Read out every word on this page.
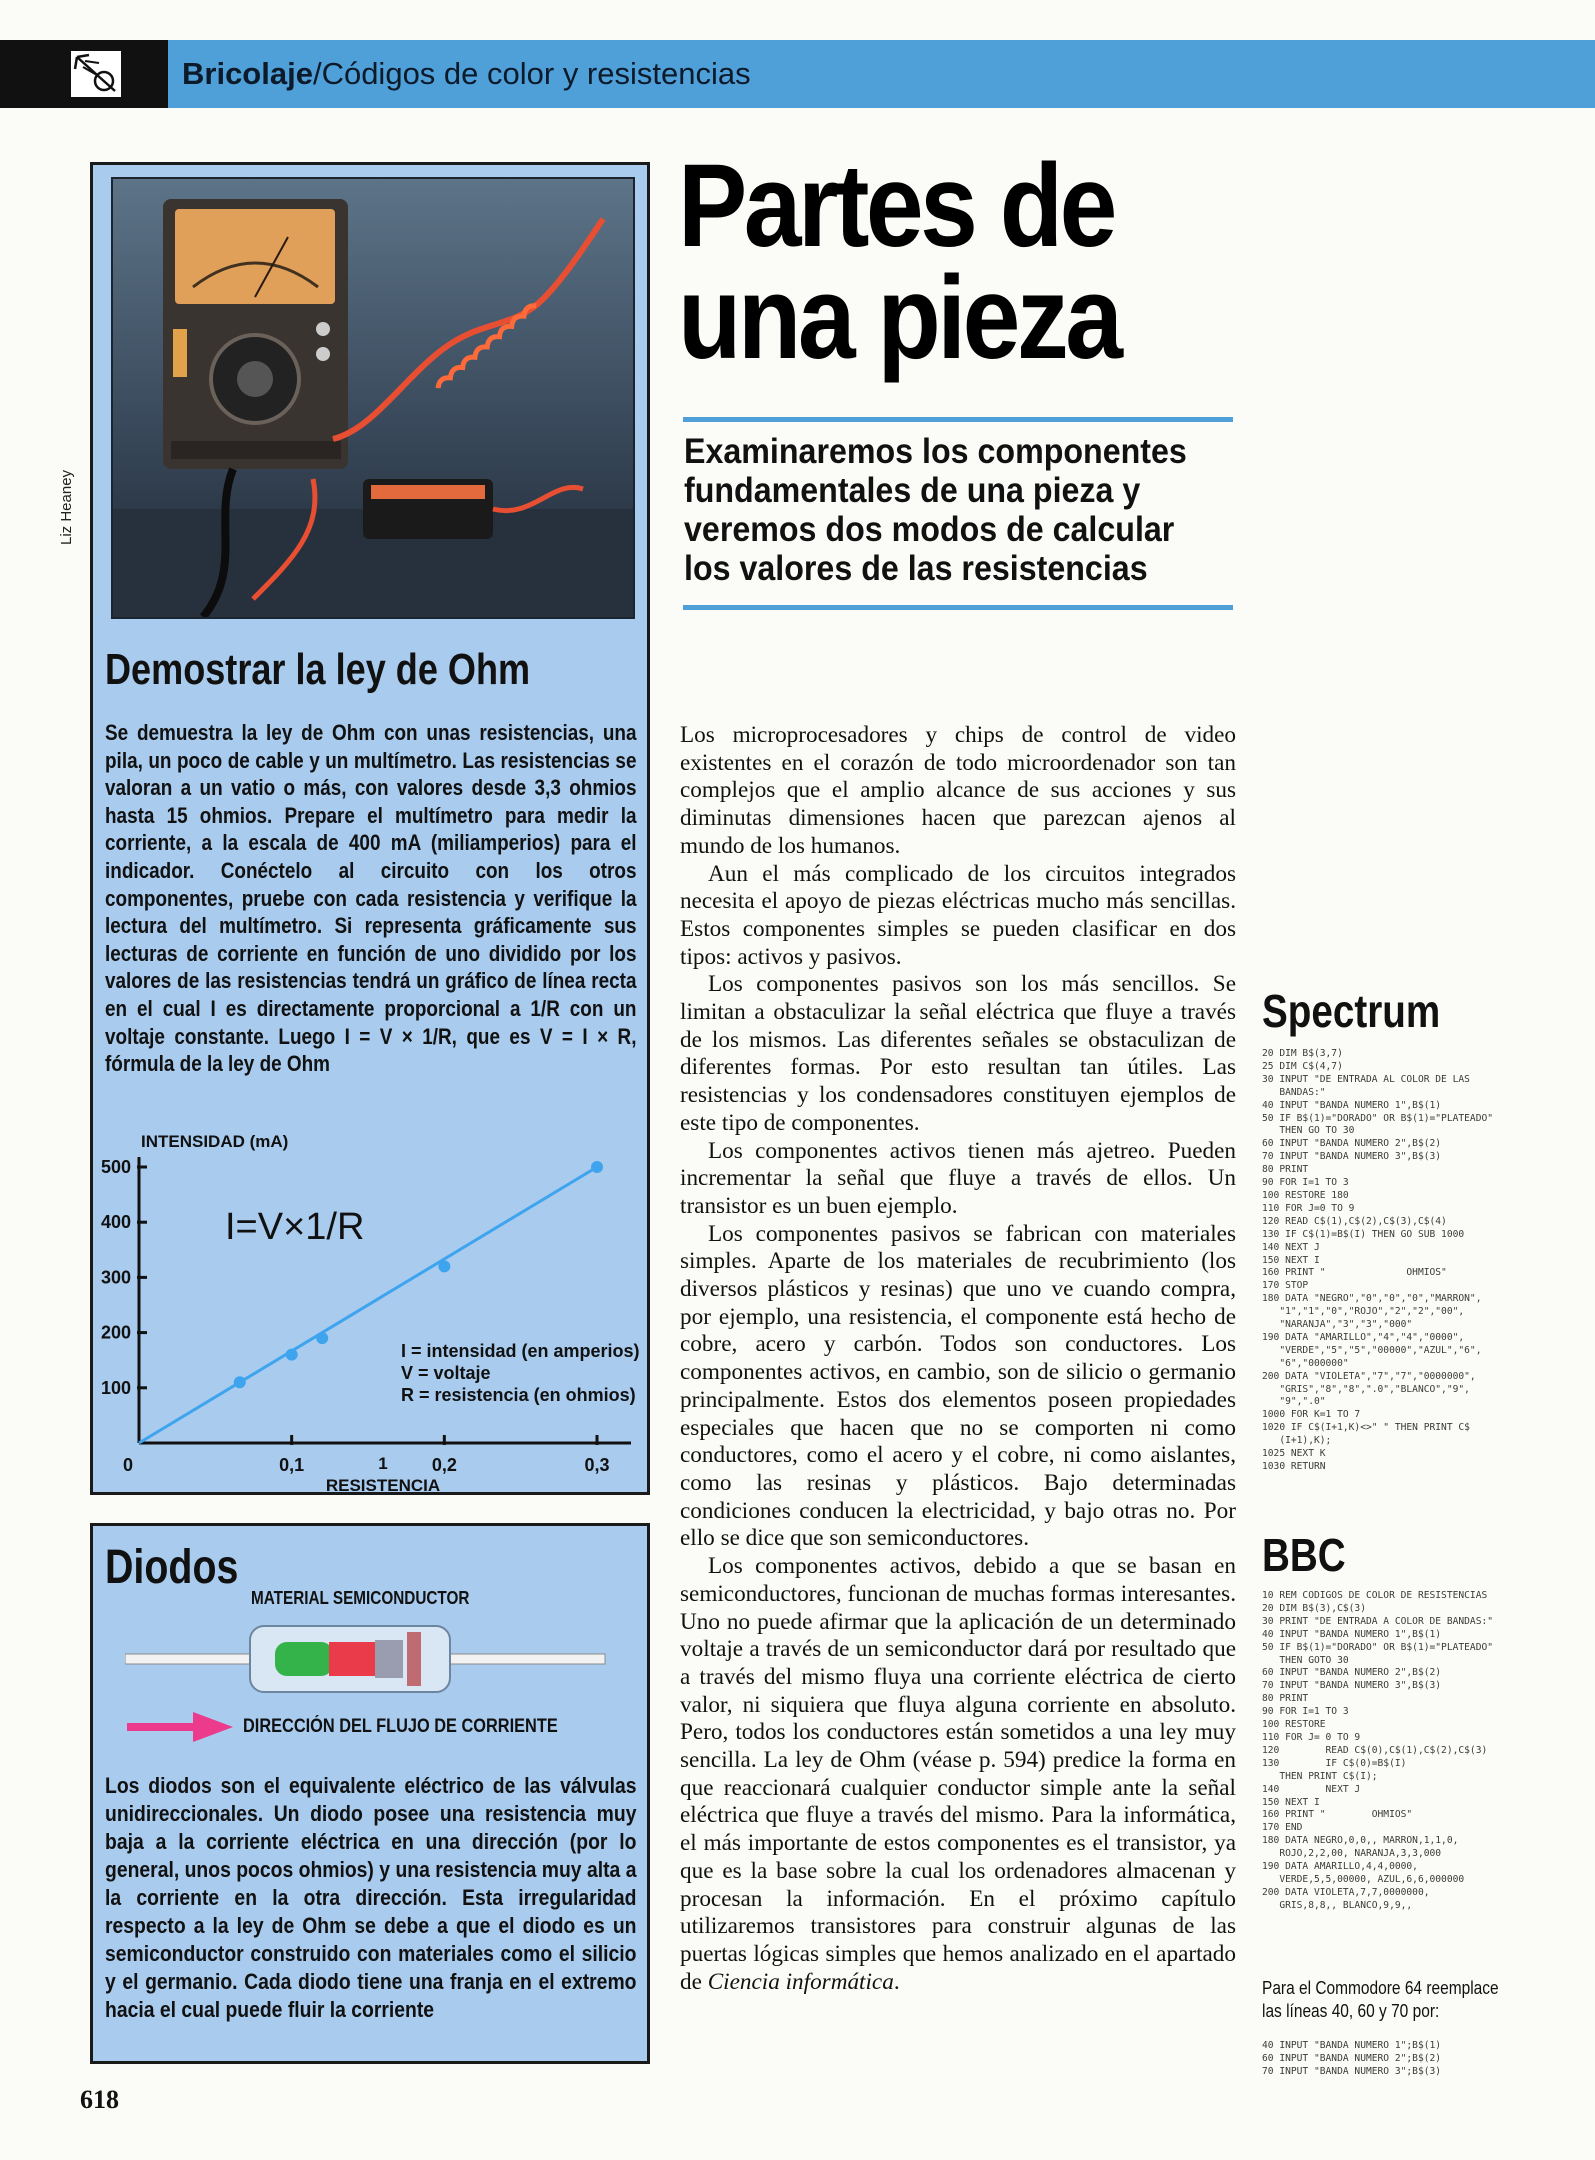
Bricolaje/Códigos de color y resistencias
Liz Heaney
Demostrar la ley de Ohm
Se demuestra la ley de Ohm con unas resistencias, una pila, un poco de cable y un multímetro. Las resistencias se valoran a un vatio o más, con valores desde 3,3 ohmios hasta 15 ohmios. Prepare el multímetro para medir la corriente, a la escala de 400 mA (miliamperios) para el indicador. Conéctelo al circuito con los otros componentes, pruebe con cada resistencia y verifique la lectura del multímetro. Si representa gráficamente sus lecturas de corriente en función de uno dividido por los valores de las resistencias tendrá un gráfico de línea recta en el cual I es directamente proporcional a 1/R con un voltaje constante. Luego I = V × 1/R, que es V = I × R, fórmula de la ley de Ohm
INTENSIDAD (mA)
I=V×1/R
100
200
300
400
500
0	0,1	0,2	0,3
I = intensidad (en amperios)
V = voltaje
R = resistencia (en ohmios)
1
RESISTENCIA
Diodos
MATERIAL SEMICONDUCTOR
DIRECCIÓN DEL FLUJO DE CORRIENTE
Los diodos son el equivalente eléctrico de las válvulas unidireccionales. Un diodo posee una resistencia muy baja a la corriente eléctrica en una dirección (por lo general, unos pocos ohmios) y una resistencia muy alta a la corriente en la otra dirección. Esta irregularidad respecto a la ley de Ohm se debe a que el diodo es un semiconductor construido con materiales como el silicio y el germanio. Cada diodo tiene una franja en el extremo hacia el cual puede fluir la corriente
Partes de
una pieza
Examinaremos los componentes fundamentales de una pieza y veremos dos modos de calcular los valores de las resistencias

Los microprocesadores y chips de control de video existentes en el corazón de todo microordenador son tan complejos que el amplio alcance de sus acciones y sus diminutas dimensiones hacen que parezcan ajenos al mundo de los humanos.

Aun el más complicado de los circuitos integrados necesita el apoyo de piezas eléctricas mucho más sencillas. Estos componentes simples se pueden clasificar en dos tipos: activos y pasivos.

Los componentes pasivos son los más sencillos. Se limitan a obstaculizar la señal eléctrica que fluye a través de los mismos. Las diferentes señales se obstaculizan de diferentes formas. Por esto resultan tan útiles. Las resistencias y los condensadores constituyen ejemplos de este tipo de componentes.

Los componentes activos tienen más ajetreo. Pueden incrementar la señal que fluye a través de ellos. Un transistor es un buen ejemplo.

Los componentes pasivos se fabrican con materiales simples. Aparte de los materiales de recubrimiento (los diversos plásticos y resinas) que uno ve cuando compra, por ejemplo, una resistencia, el componente está hecho de cobre, acero y carbón. Todos son conductores. Los componentes activos, en cambio, son de silicio o germanio principalmente. Estos dos elementos poseen propiedades especiales que hacen que no se comporten ni como conductores, como el acero y el cobre, ni como aislantes, como las resinas y plásticos. Bajo determinadas condiciones conducen la electricidad, y bajo otras no. Por ello se dice que son semiconductores.

Los componentes activos, debido a que se basan en semiconductores, funcionan de muchas formas interesantes. Uno no puede afirmar que la aplicación de un determinado voltaje a través de un semiconductor dará por resultado que a través del mismo fluya una corriente eléctrica de cierto valor, ni siquiera que fluya alguna corriente en absoluto. Pero, todos los conductores están sometidos a una ley muy sencilla. La ley de Ohm (véase p. 594) predice la forma en que reaccionará cualquier conductor simple ante la señal eléctrica que fluye a través del mismo. Para la informática, el más importante de estos componentes es el transistor, ya que es la base sobre la cual los ordenadores almacenan y procesan la información. En el próximo capítulo utilizaremos transistores para construir algunas de las puertas lógicas simples que hemos analizado en el apartado de Ciencia informática.

Spectrum
20 DIM B$(3,7)
25 DIM C$(4,7)
30 INPUT "DE ENTRADA AL COLOR DE LAS
BANDAS:"
40 INPUT "BANDA NUMERO 1",B$(1)
50 IF B$(1)="DORADO" OR B$(1)="PLATEADO"
THEN GO TO 30
60 INPUT "BANDA NUMERO 2",B$(2)
70 INPUT "BANDA NUMERO 3",B$(3)
80 PRINT
90 FOR I=1 TO 3
100 RESTORE 180
110 FOR J=0 TO 9
120 READ C$(1),C$(2),C$(3),C$(4)
130 IF C$(1)=B$(I) THEN GO SUB 1000
140 NEXT J
150 NEXT I
160 PRINT "              OHMIOS"
170 STOP
180 DATA "NEGRO","0","0","0","MARRON",
"1","1","0","ROJO","2","2","00",
"NARANJA","3","3","000"
190 DATA "AMARILLO","4","4","0000",
"VERDE","5","5","00000","AZUL","6",
"6","000000"
200 DATA "VIOLETA","7","7","0000000",
"GRIS","8","8",".0","BLANCO","9",
"9",".0"
1000 FOR K=1 TO 7
1020 IF C$(I+1,K)<>" " THEN PRINT C$
(I+1),K);
1025 NEXT K
1030 RETURN
BBC
10 REM CODIGOS DE COLOR DE RESISTENCIAS
20 DIM B$(3),C$(3)
30 PRINT "DE ENTRADA A COLOR DE BANDAS:"
40 INPUT "BANDA NUMERO 1",B$(1)
50 IF B$(1)="DORADO" OR B$(1)="PLATEADO"
THEN GOTO 30
60 INPUT "BANDA NUMERO 2",B$(2)
70 INPUT "BANDA NUMERO 3",B$(3)
80 PRINT
90 FOR I=1 TO 3
100 RESTORE
110 FOR J= 0 TO 9
120        READ C$(0),C$(1),C$(2),C$(3)
130        IF C$(0)=B$(I)
THEN PRINT C$(I);
140        NEXT J
150 NEXT I
160 PRINT "        OHMIOS"
170 END
180 DATA NEGRO,0,0,, MARRON,1,1,0,
ROJO,2,2,00, NARANJA,3,3,000
190 DATA AMARILLO,4,4,0000,
VERDE,5,5,00000, AZUL,6,6,000000
200 DATA VIOLETA,7,7,0000000,
GRIS,8,8,, BLANCO,9,9,,
Para el Commodore 64 reemplace
las líneas 40, 60 y 70 por:
40 INPUT "BANDA NUMERO 1";B$(1)
60 INPUT "BANDA NUMERO 2";B$(2)
70 INPUT "BANDA NUMERO 3";B$(3)
618
